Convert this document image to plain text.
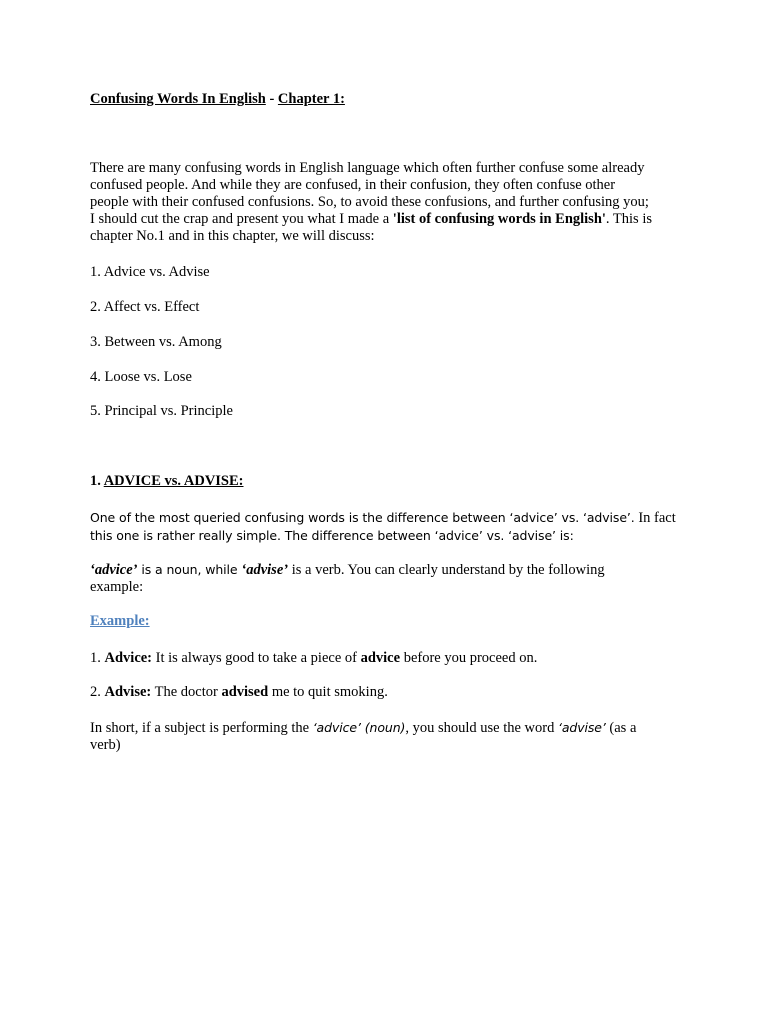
Confusing Words In English - Chapter 1:
There are many confusing words in English language which often further confuse some already
confused people. And while they are confused, in their confusion, they often confuse other
people with their confused confusions. So, to avoid these confusions, and further confusing you;
I should cut the crap and present you what I made a 'list of confusing words in English'. This is
chapter No.1 and in this chapter, we will discuss:
1. Advice vs. Advise
2. Affect vs. Effect
3. Between vs. Among
4. Loose vs. Lose
5. Principal vs. Principle
1. ADVICE vs. ADVISE:
One of the most queried confusing words is the difference between ‘advice’ vs. ‘advise’. In fact
this one is rather really simple. The difference between ‘advice’ vs. ‘advise’ is:
‘advice’ is a noun, while ‘advise’ is a verb. You can clearly understand by the following
example:
Example:
1. Advice: It is always good to take a piece of advice before you proceed on.
2. Advise: The doctor advised me to quit smoking.
In short, if a subject is performing the ‘advice’ (noun), you should use the word ‘advise’ (as a
verb)
